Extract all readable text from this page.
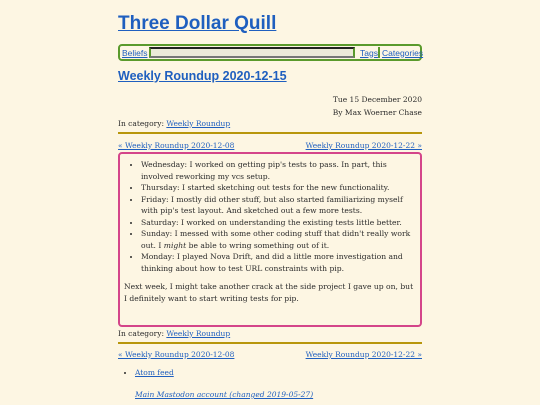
Three Dollar Quill
Beliefs	Tags Categories
Weekly Roundup 2020-12-15
Tue 15 December 2020
By Max Woerner Chase
In category: Weekly Roundup
« Weekly Roundup 2020-12-08	Weekly Roundup 2020-12-22 »
• Wednesday: I worked on getting pip's tests to pass. In part, this involved reworking my vcs setup.
• Thursday: I started sketching out tests for the new functionality.
• Friday: I mostly did other stuff, but also started familiarizing myself with pip's test layout. And sketched out a few more tests.
• Saturday: I worked on understanding the existing tests little better.
• Sunday: I messed with some other coding stuff that didn't really work out. I might be able to wring something out of it.
• Monday: I played Nova Drift, and did a little more investigation and thinking about how to test URL constraints with pip.

Next week, I might take another crack at the side project I gave up on, but I definitely want to start writing tests for pip.

In category: Weekly Roundup
« Weekly Roundup 2020-12-08	Weekly Roundup 2020-12-22 »
• Atom feed
Main Mastodon account (changed 2019-05-27)
